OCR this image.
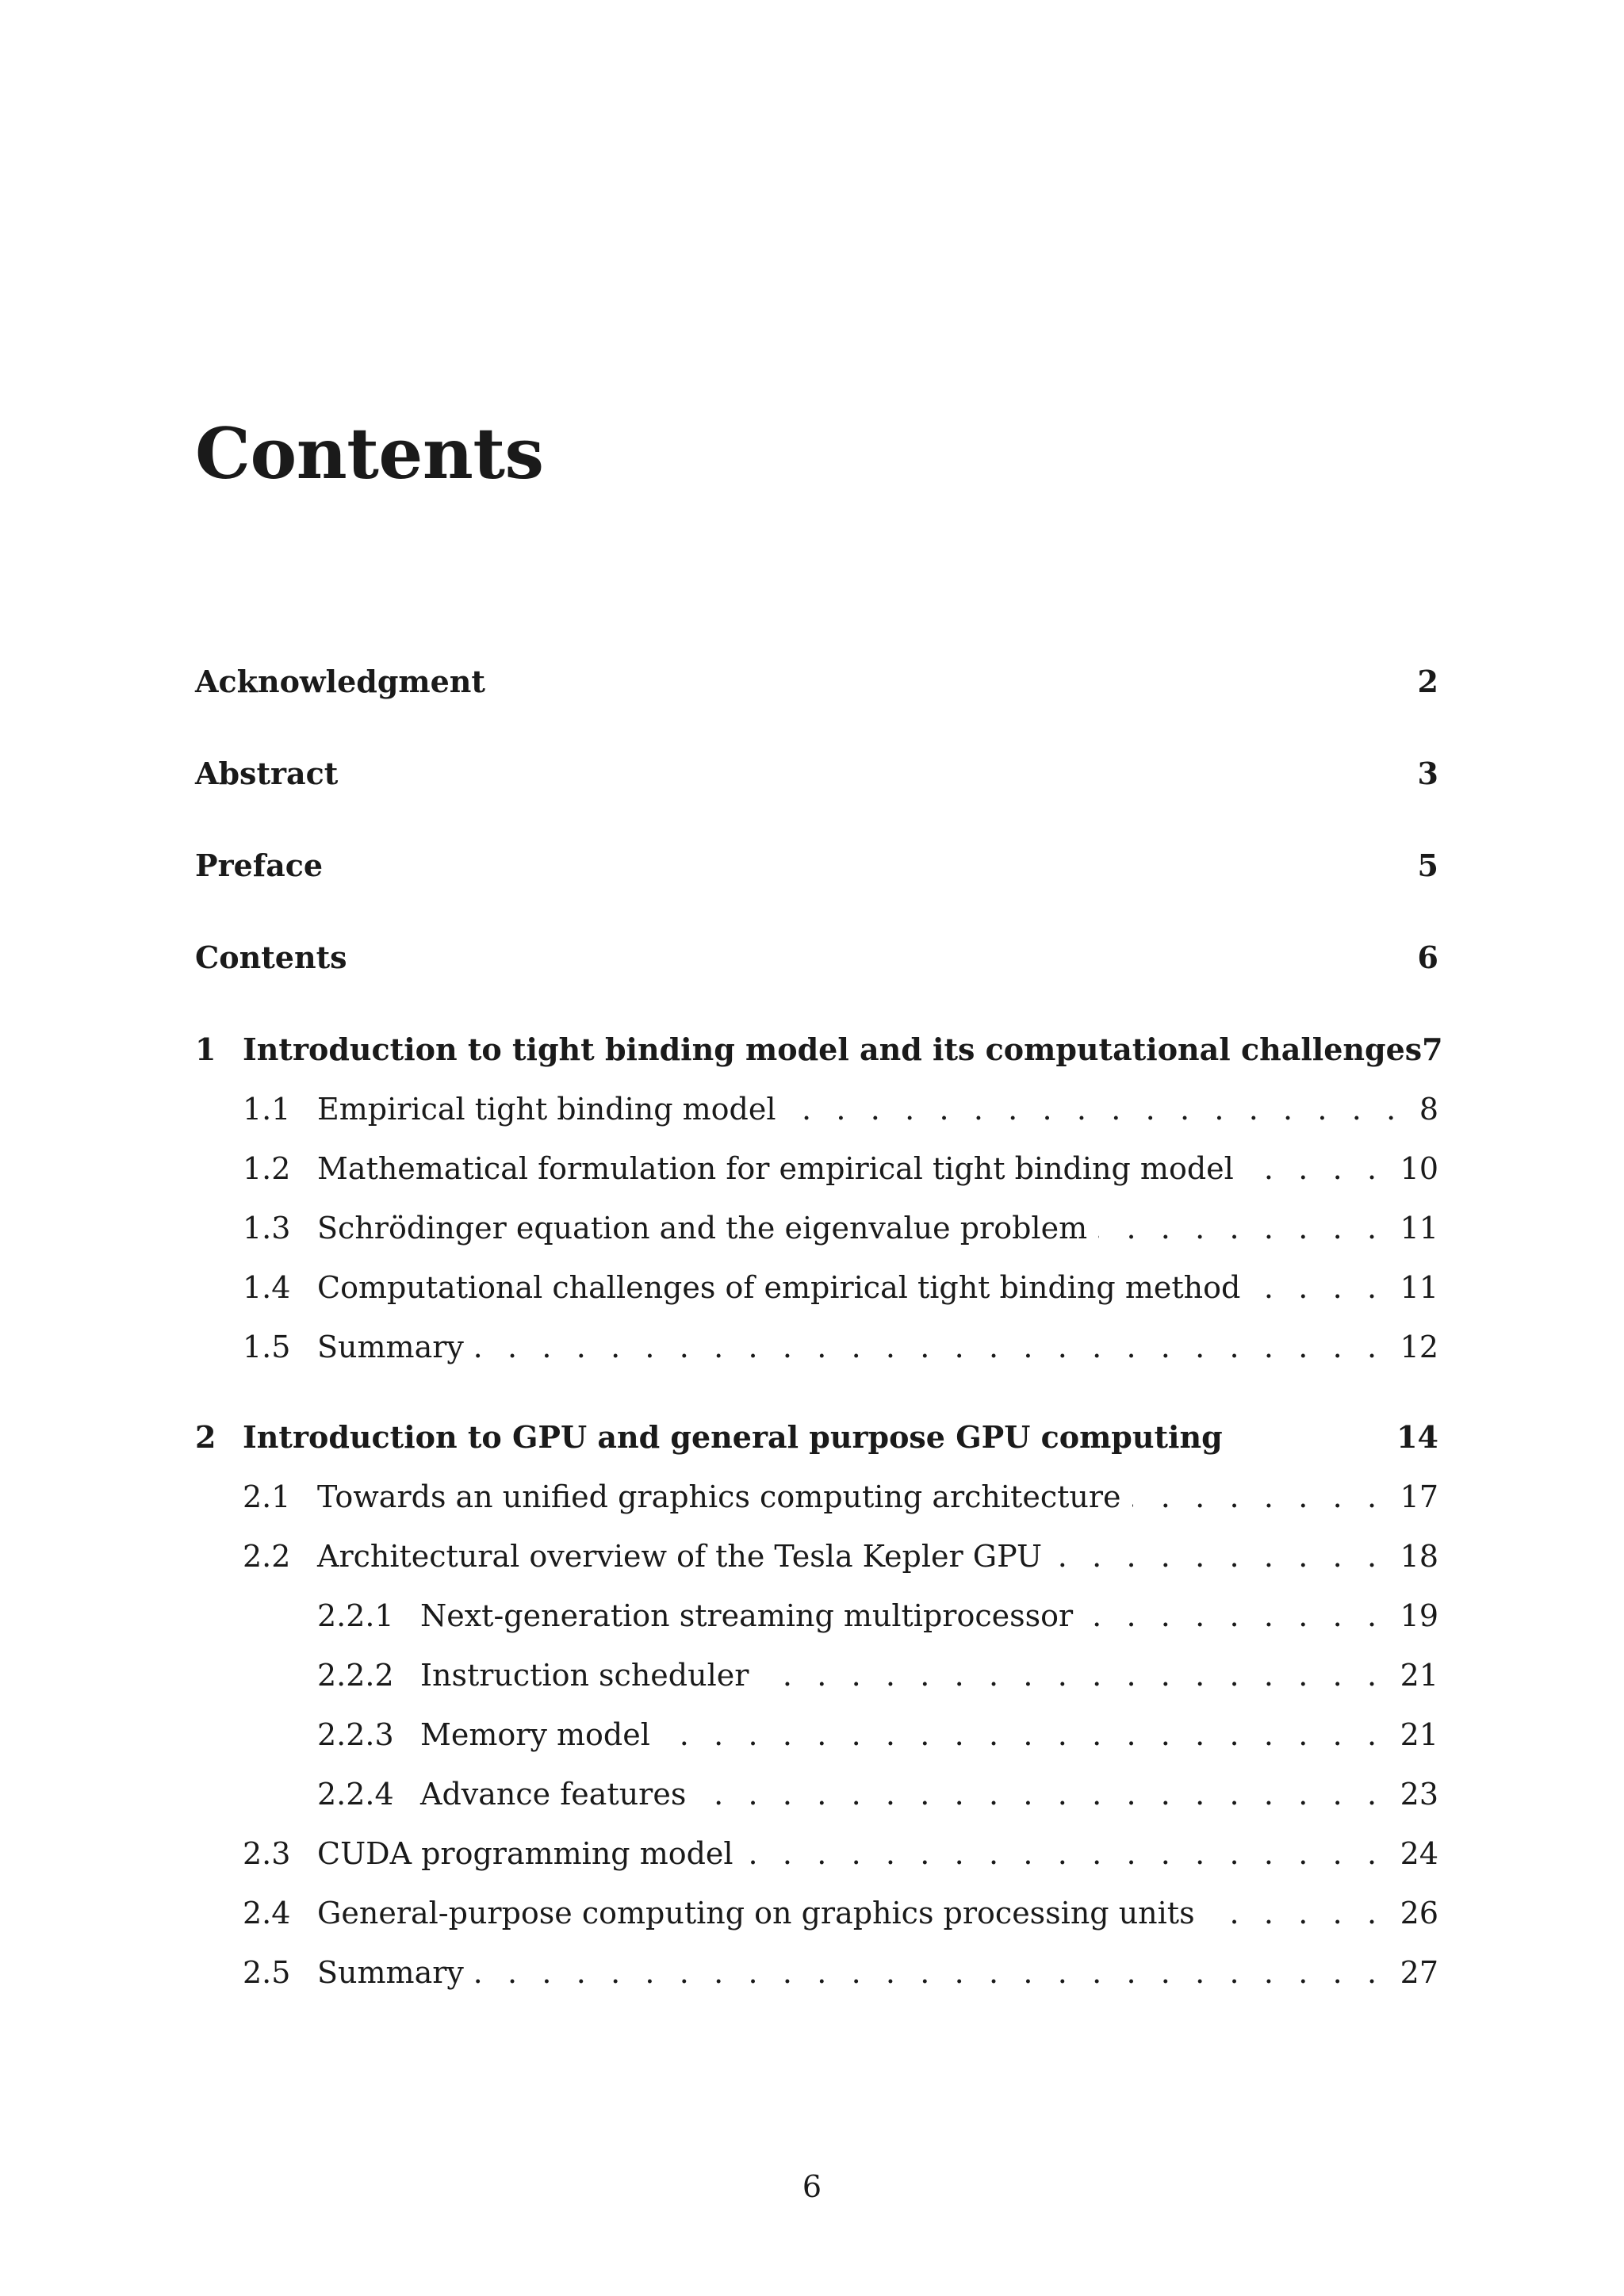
Contents
Acknowledgment	2
Abstract	3
Preface	5
Contents	6
1 Introduction to tight binding model and its computational challenges 7
1.1 Empirical tight binding model . . .	8
1.2 Mathematical formulation for empirical tight binding model . . .	10
1.3 Schrödinger equation and the eigenvalue problem . . .	11
1.4 Computational challenges of empirical tight binding method . . .	11
1.5 Summary . . .	12
2 Introduction to GPU and general purpose GPU computing	14
2.1 Towards an unified graphics computing architecture . . .	17
2.2 Architectural overview of the Tesla Kepler GPU . . .	18
2.2.1 Next-generation streaming multiprocessor . . .	19
2.2.2 Instruction scheduler . . .	21
2.2.3 Memory model . . .	21
2.2.4 Advance features . . .	23
2.3 CUDA programming model . . .	24
2.4 General-purpose computing on graphics processing units . . .	26
2.5 Summary . . .	27
6
